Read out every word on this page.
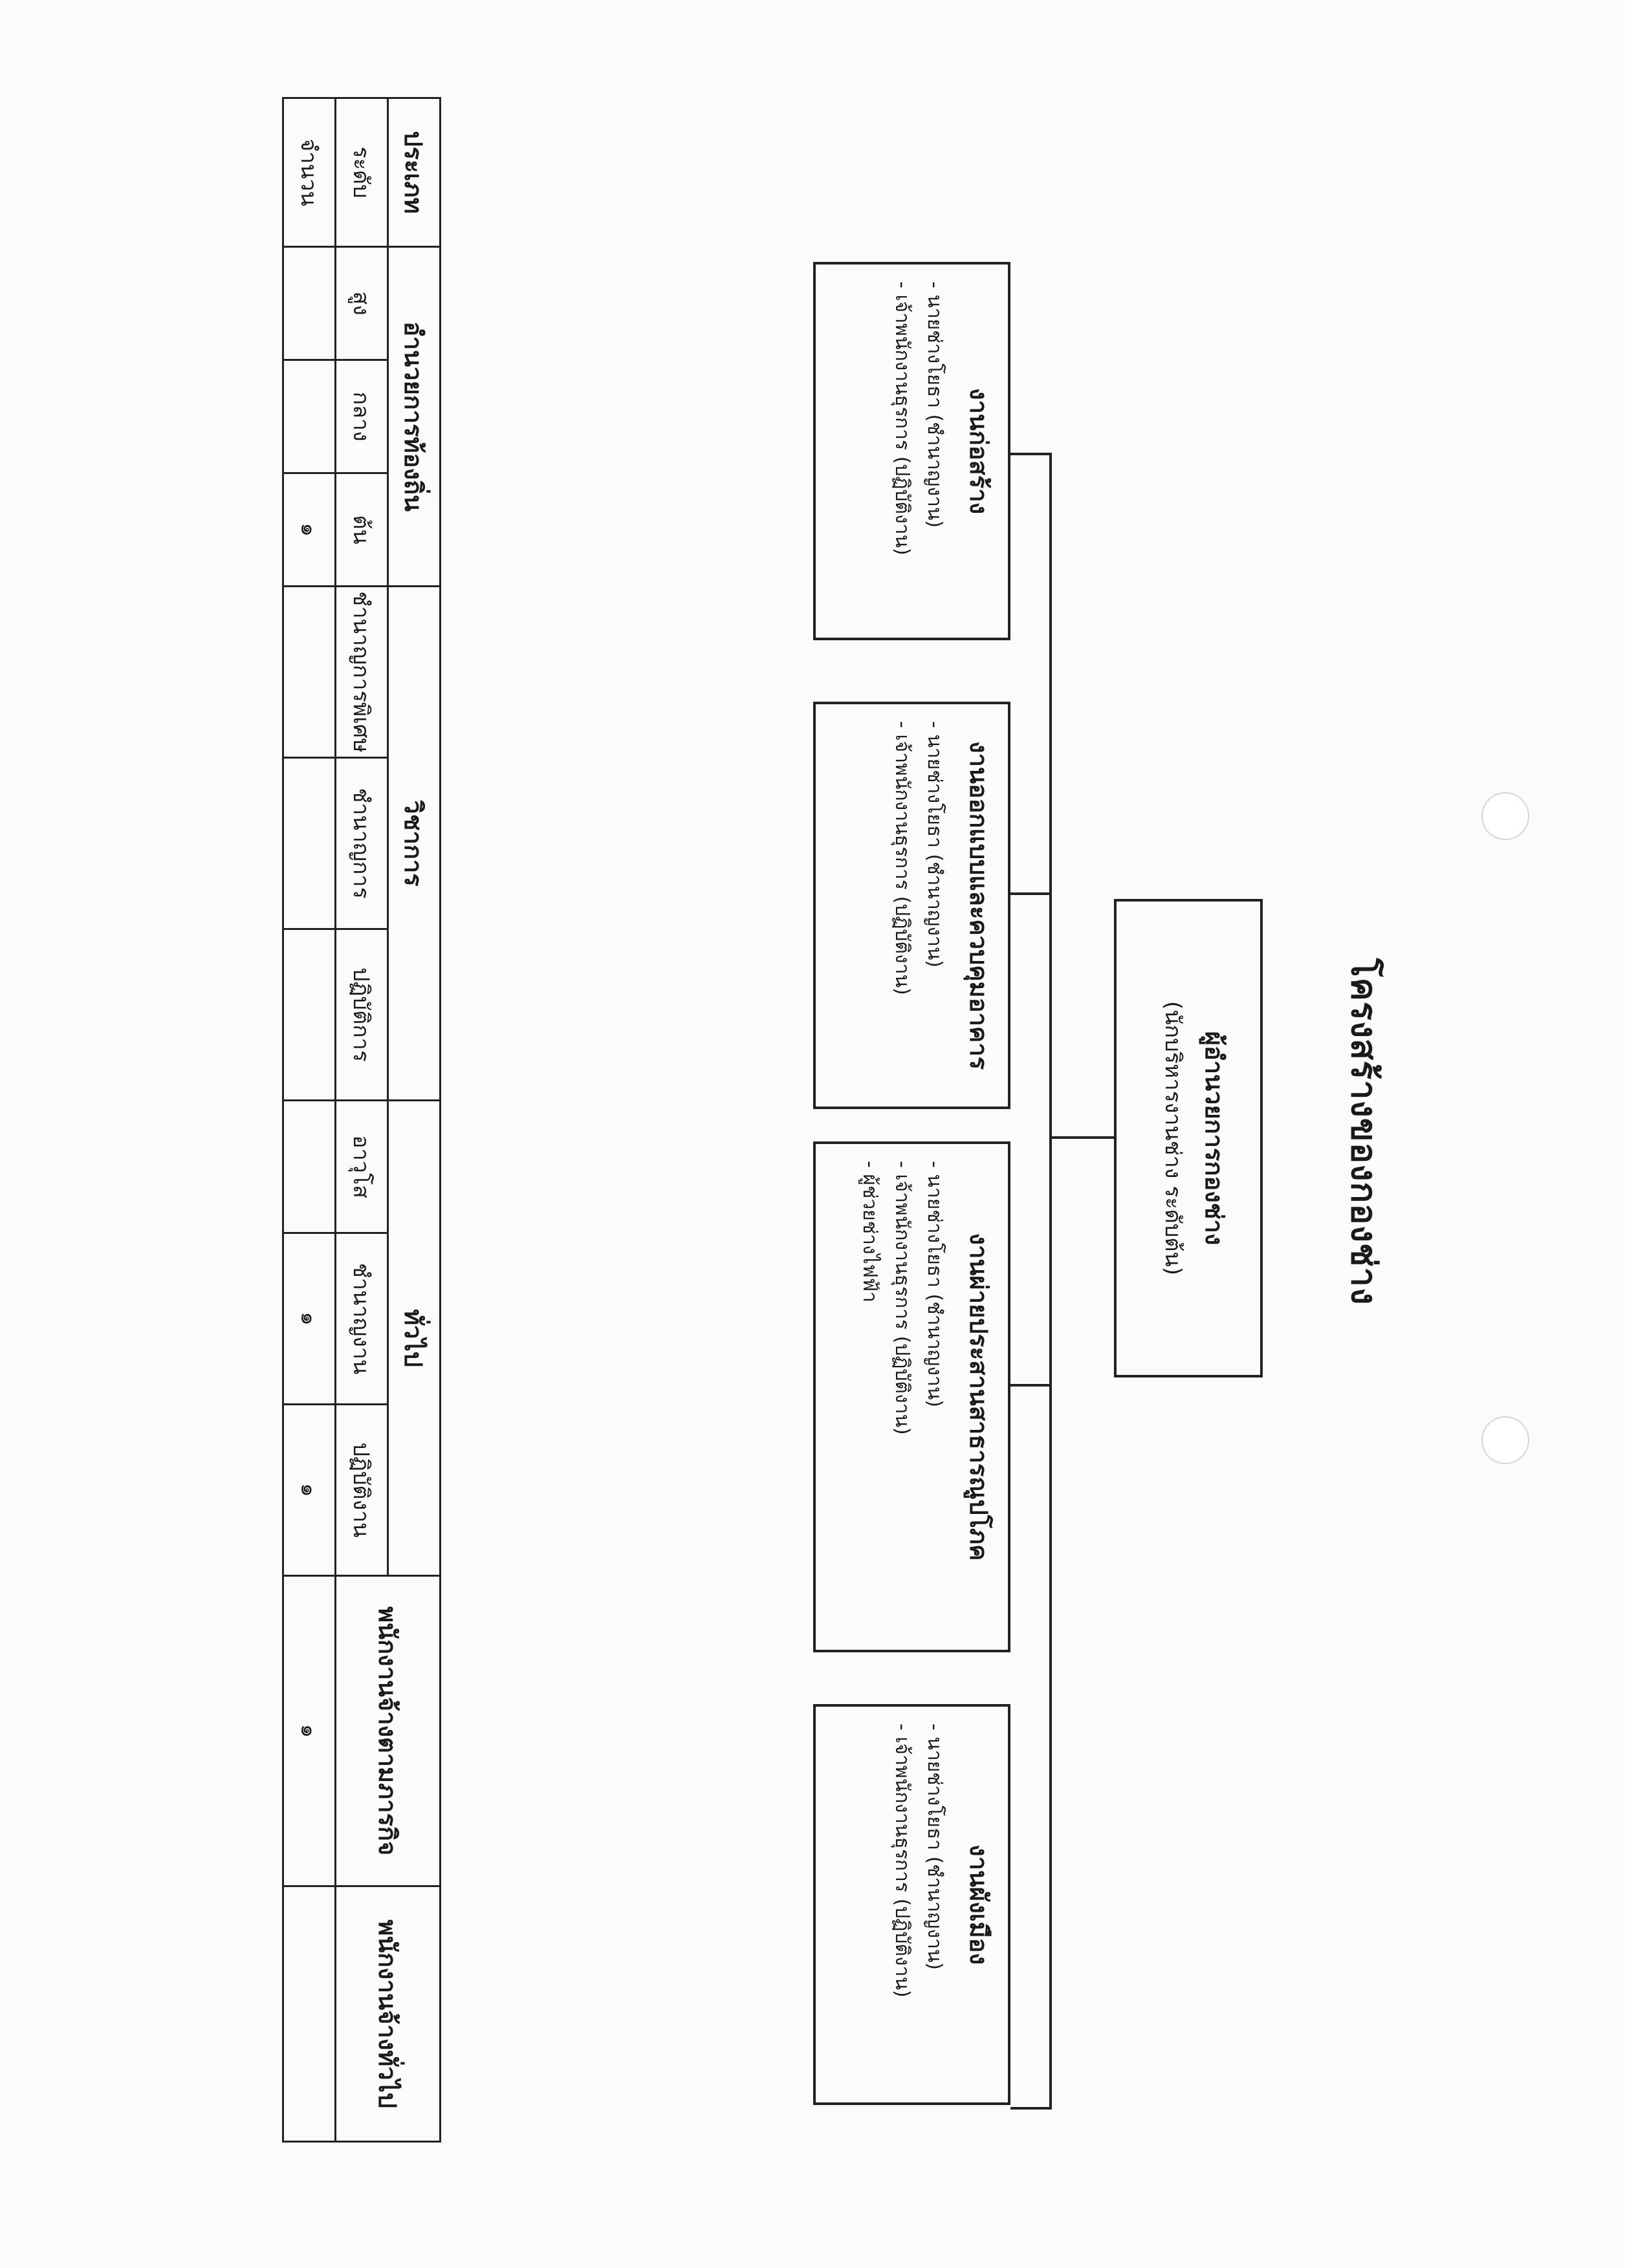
โครงสร้างของกองช่าง
ผู้อำนวยการกองช่าง
(นักบริหารงานช่าง ระดับต้น)
งานก่อสร้าง
- นายช่างโยธา (ชำนาญงาน)
- เจ้าพนักงานธุรการ (ปฏิบัติงาน)
งานออกแบบและควบคุมอาคาร
- นายช่างโยธา (ชำนาญงาน)
- เจ้าพนักงานธุรการ (ปฏิบัติงาน)
งานผ่ายประสานสาธารณูปโภค
- นายช่างโยธา (ชำนาญงาน)
- เจ้าพนักงานธุรการ (ปฏิบัติงาน)
- ผู้ช่วยช่างไฟฟ้า
งานผังเมือง
- นายช่างโยธา (ชำนาญงาน)
- เจ้าพนักงานธุรการ (ปฏิบัติงาน)
ประเภท	อำนวยการท้องถิ่น			วิชาการ			ทั่วไป			พนักงานจ้างตามภารกิจ	พนักงานจ้างทั่วไป
ระดับ	สูง	กลาง	ต้น	ชำนาญการพิเศษ	ชำนาญการ	ปฏิบัติการ	อาวุโส	ชำนาญงาน	ปฏิบัติงาน		
จำนวน			๑					๑	๑	๑	
